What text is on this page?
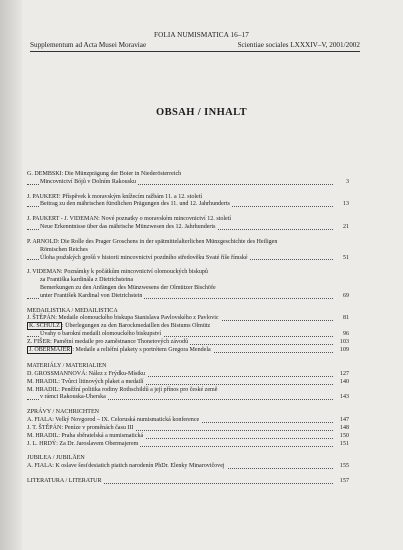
FOLIA NUMISMATICA 16–17
Supplementum ad Acta Musei Moraviae	Scientiae sociales LXXXIV–V, 2001/2002
OBSAH / INHALT
G. DEMBSKI: Die Münzprägung der Boier in Niederösterreich
Mincovnictví Bójů v Dolním Rakousku	3
J. PAUKERT: Příspěvek k moravským knížecím ražbám 11. a 12. století
Beitrag zu den mährischen fürstlichen Prägungen des 11. und 12. Jahrhunderts	13
J. PAUKERT - J. VIDEMAN: Nové poznatky o moravském mincovnictví 12. století
Neue Erkenntnisse über das mährische Münzwesen des 12. Jahrhunderts	21
P. ARNOLD: Die Rolle des Prager Groschens in der spätmittelalterlichen Münzgeschichte des Heiligen
Römischen Reiches
Úloha pražských grošů v historii mincovnictví pozdního středověku Svaté říše římské	51
J. VIDEMAN: Poznámky k počátkům mincovnictví olomouckých biskupů
za Františka kardinála z Dietrichsteina
Bemerkungen zu den Anfängen des Münzwesens der Olmützer Bischöfe
unter František Kardinal von Dietrichstein	69
MEDAILISTIKA / MEDAILISTICA
J. ŠTĚPÁN: Medaile olomouckého biskupa Stanislava Pavlovského z Pavlovic	81
K. SCHULZ : Überlegungen zu den Barockmedaillen des Bistums Olmütz
Úvahy o barokní medaili olomouckého biskupství	96
Z. FIŠER: Pamětní medaile pro zaměstnance Thonetových závodů	103
J. OBERMAJER : Medaile a reliéfní plakety s portrétem Gregora Mendela	109
MATERIÁLY / MATERIALIEN
D. GROSSMANNOVÁ: Nález z Frýdku-Místku	127
M. HRADIL: Tvůrci litinových plaket a medailí	140
M. HRADIL: Peněžní politika rodiny Rothschildů a její přínos pro české země
v rámci Rakouska-Uherska	143
ZPRÁVY / NACHRICHTEN
A. FIALA: Velký Novgorod – IX. Celoruská numismatická konference	147
J. T. ŠTĚPÁN: Peníze v proměnách času III	148
M. HRADIL: Praha sběratelská a numismatická	150
J. L. HRDÝ: Za Dr. Jaroslavem Obermajerem	151
JUBILEA / JUBILÄEN
A. FIALA: K oslave šesťdesiatich piatich narodenín PhDr. Elenky Minarovičovej	155
LITERATURA / LITERATUR	157
